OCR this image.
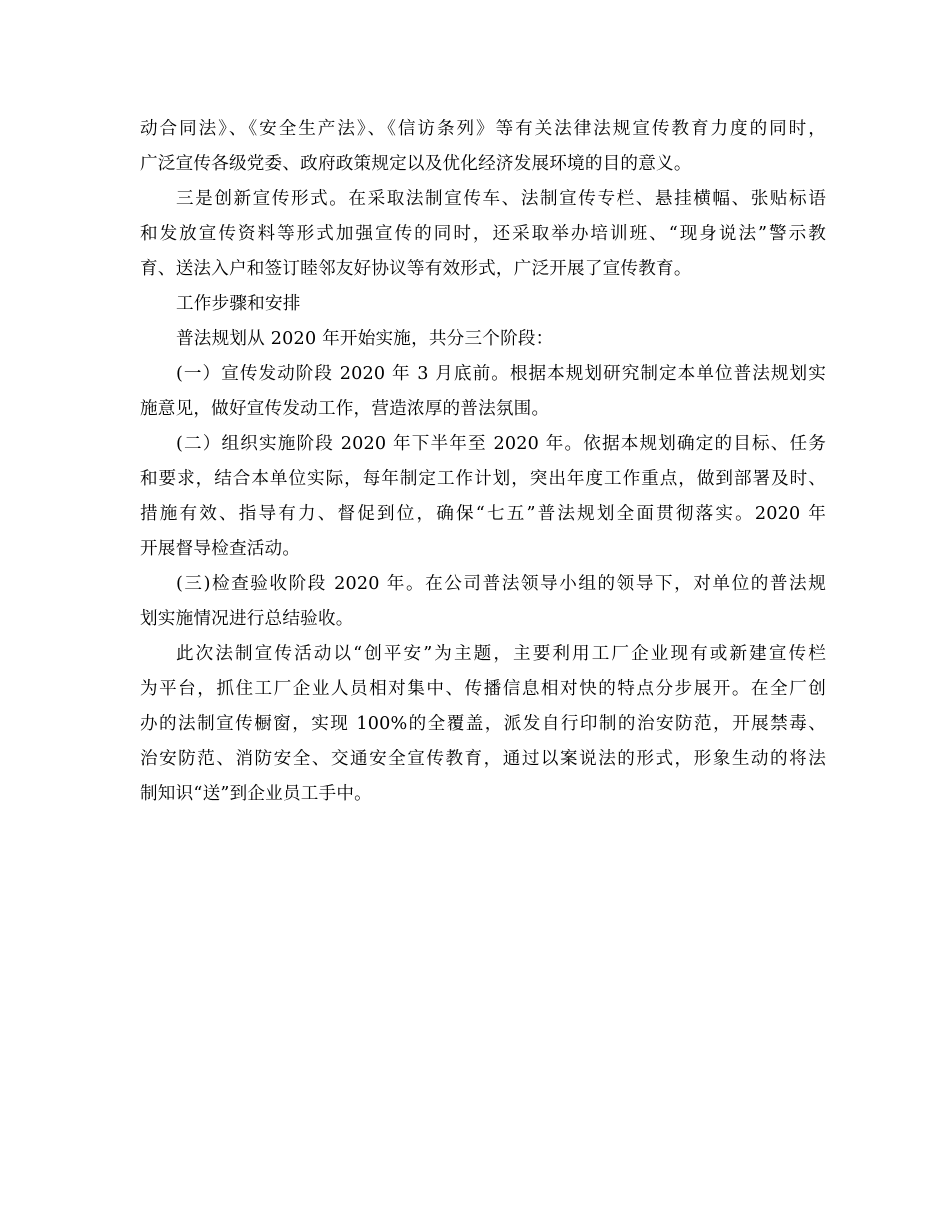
动合同法》、《安全生产法》、《信访条列》等有关法律法规宣传教育力度的同时，
广泛宣传各级党委、政府政策规定以及优化经济发展环境的目的意义。
三是创新宣传形式。在采取法制宣传车、法制宣传专栏、悬挂横幅、张贴标语
和发放宣传资料等形式加强宣传的同时，还采取举办培训班、“现身说法”警示教
育、送法入户和签订睦邻友好协议等有效形式，广泛开展了宣传教育。
工作步骤和安排
普法规划从 2020 年开始实施，共分三个阶段：
(一）宣传发动阶段 2020 年 3 月底前。根据本规划研究制定本单位普法规划实
施意见，做好宣传发动工作，营造浓厚的普法氛围。
(二）组织实施阶段 2020 年下半年至 2020 年。依据本规划确定的目标、任务
和要求，结合本单位实际，每年制定工作计划，突出年度工作重点，做到部署及时、
措施有效、指导有力、督促到位，确保“七五”普法规划全面贯彻落实。2020 年
开展督导检查活动。
(三)检查验收阶段 2020 年。在公司普法领导小组的领导下，对单位的普法规
划实施情况进行总结验收。
此次法制宣传活动以“创平安”为主题，主要利用工厂企业现有或新建宣传栏
为平台，抓住工厂企业人员相对集中、传播信息相对快的特点分步展开。在全厂创
办的法制宣传橱窗，实现 100%的全覆盖，派发自行印制的治安防范，开展禁毒、
治安防范、消防安全、交通安全宣传教育，通过以案说法的形式，形象生动的将法
制知识“送”到企业员工手中。
